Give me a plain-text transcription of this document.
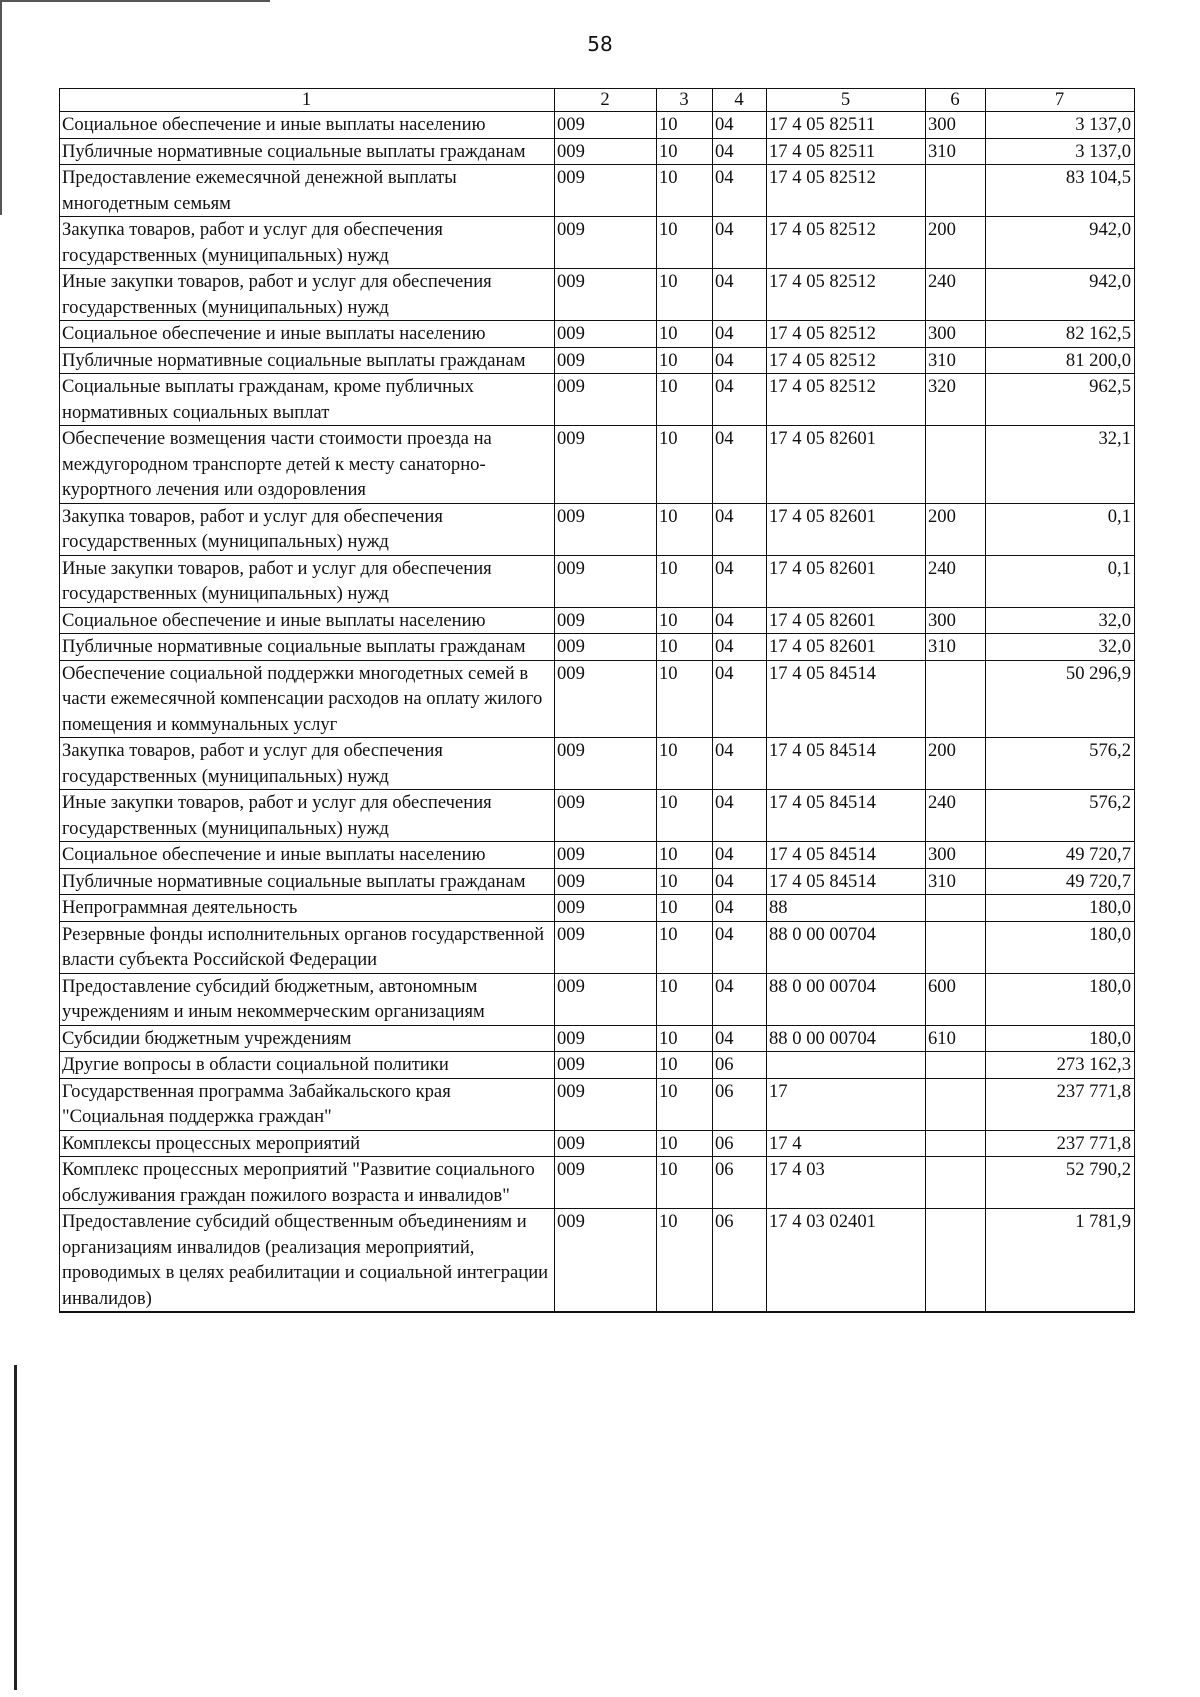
58
1	2	3	4	5	6	7
Социальное обеспечение и иные выплаты населению	009	10	04	17 4 05 82511	300	3 137,0
Публичные нормативные социальные выплаты гражданам	009	10	04	17 4 05 82511	310	3 137,0
Предоставление ежемесячной денежной выплаты многодетным семьям	009	10	04	17 4 05 82512		83 104,5
Закупка товаров, работ и услуг для обеспечения государственных (муниципальных) нужд	009	10	04	17 4 05 82512	200	942,0
Иные закупки товаров, работ и услуг для обеспечения государственных (муниципальных) нужд	009	10	04	17 4 05 82512	240	942,0
Социальное обеспечение и иные выплаты населению	009	10	04	17 4 05 82512	300	82 162,5
Публичные нормативные социальные выплаты гражданам	009	10	04	17 4 05 82512	310	81 200,0
Социальные выплаты гражданам, кроме публичных нормативных социальных выплат	009	10	04	17 4 05 82512	320	962,5
Обеспечение возмещения части стоимости проезда на междугородном транспорте детей к месту санаторно-курортного лечения или оздоровления	009	10	04	17 4 05 82601		32,1
Закупка товаров, работ и услуг для обеспечения государственных (муниципальных) нужд	009	10	04	17 4 05 82601	200	0,1
Иные закупки товаров, работ и услуг для обеспечения государственных (муниципальных) нужд	009	10	04	17 4 05 82601	240	0,1
Социальное обеспечение и иные выплаты населению	009	10	04	17 4 05 82601	300	32,0
Публичные нормативные социальные выплаты гражданам	009	10	04	17 4 05 82601	310	32,0
Обеспечение социальной поддержки многодетных семей в части ежемесячной компенсации расходов на оплату жилого помещения и коммунальных услуг	009	10	04	17 4 05 84514		50 296,9
Закупка товаров, работ и услуг для обеспечения государственных (муниципальных) нужд	009	10	04	17 4 05 84514	200	576,2
Иные закупки товаров, работ и услуг для обеспечения государственных (муниципальных) нужд	009	10	04	17 4 05 84514	240	576,2
Социальное обеспечение и иные выплаты населению	009	10	04	17 4 05 84514	300	49 720,7
Публичные нормативные социальные выплаты гражданам	009	10	04	17 4 05 84514	310	49 720,7
Непрограммная деятельность	009	10	04	88		180,0
Резервные фонды исполнительных органов государственной власти субъекта Российской Федерации	009	10	04	88 0 00 00704		180,0
Предоставление субсидий бюджетным, автономным учреждениям и иным некоммерческим организациям	009	10	04	88 0 00 00704	600	180,0
Субсидии бюджетным учреждениям	009	10	04	88 0 00 00704	610	180,0
Другие вопросы в области социальной политики	009	10	06			273 162,3
Государственная программа Забайкальского края "Социальная поддержка граждан"	009	10	06	17		237 771,8
Комплексы процессных мероприятий	009	10	06	17 4		237 771,8
Комплекс процессных мероприятий "Развитие социального обслуживания граждан пожилого возраста и инвалидов"	009	10	06	17 4 03		52 790,2
Предоставление субсидий общественным объединениям и организациям инвалидов (реализация мероприятий, проводимых в целях реабилитации и социальной интеграции инвалидов)	009	10	06	17 4 03 02401		1 781,9
